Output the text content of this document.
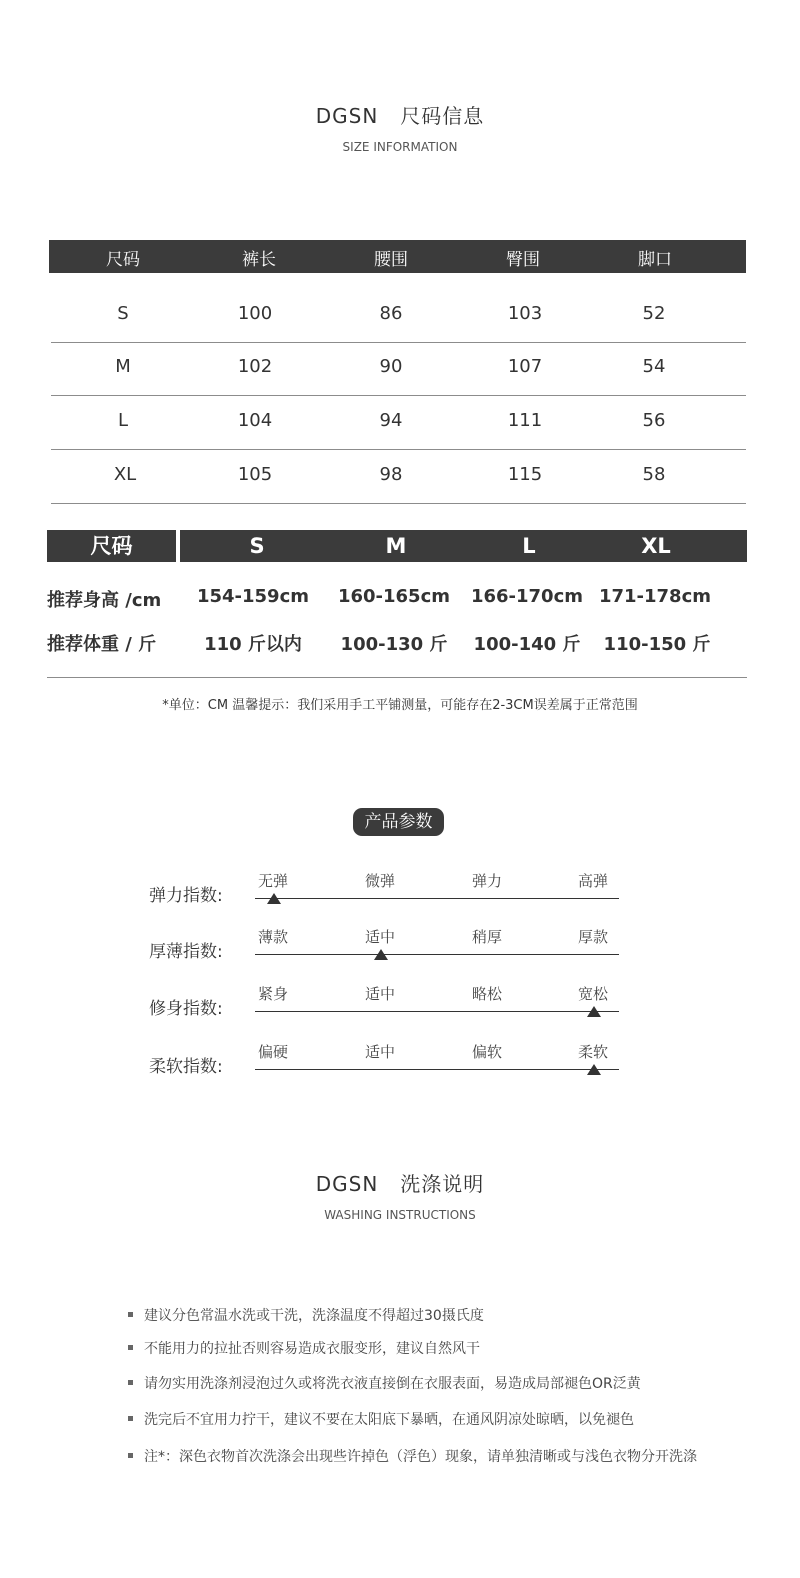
DGSN 尺码信息
SIZE INFORMATION
尺码	裤长	腰围	臀围	脚口
S	100	86	103	52
M	102	90	107	54
L	104	94	111	56
XL	105	98	115	58
尺码	S	M	L	XL
推荐身高 /cm	154-159cm	160-165cm	166-170cm 171-178cm
推荐体重 / 斤	110 斤以内	100-130 斤	100-140 斤	110-150 斤
*单位：CM 温馨提示：我们采用手工平铺测量，可能存在2-3CM误差属于正常范围
产品参数
弹力指数:
无弹	微弹	弹力	高弹
厚薄指数:
薄款	适中	稍厚	厚款
修身指数:
紧身	适中	略松	宽松
柔软指数:
偏硬	适中	偏软	柔软
DGSN 洗涤说明
WASHING INSTRUCTIONS
建议分色常温水洗或干洗，洗涤温度不得超过30摄氏度
不能用力的拉扯否则容易造成衣服变形，建议自然风干
请勿实用洗涤剂浸泡过久或将洗衣液直接倒在衣服表面，易造成局部褪色OR泛黄
洗完后不宜用力拧干，建议不要在太阳底下暴晒，在通风阴凉处晾晒，以免褪色
注*：深色衣物首次洗涤会出现些许掉色（浮色）现象，请单独清晰或与浅色衣物分开洗涤
